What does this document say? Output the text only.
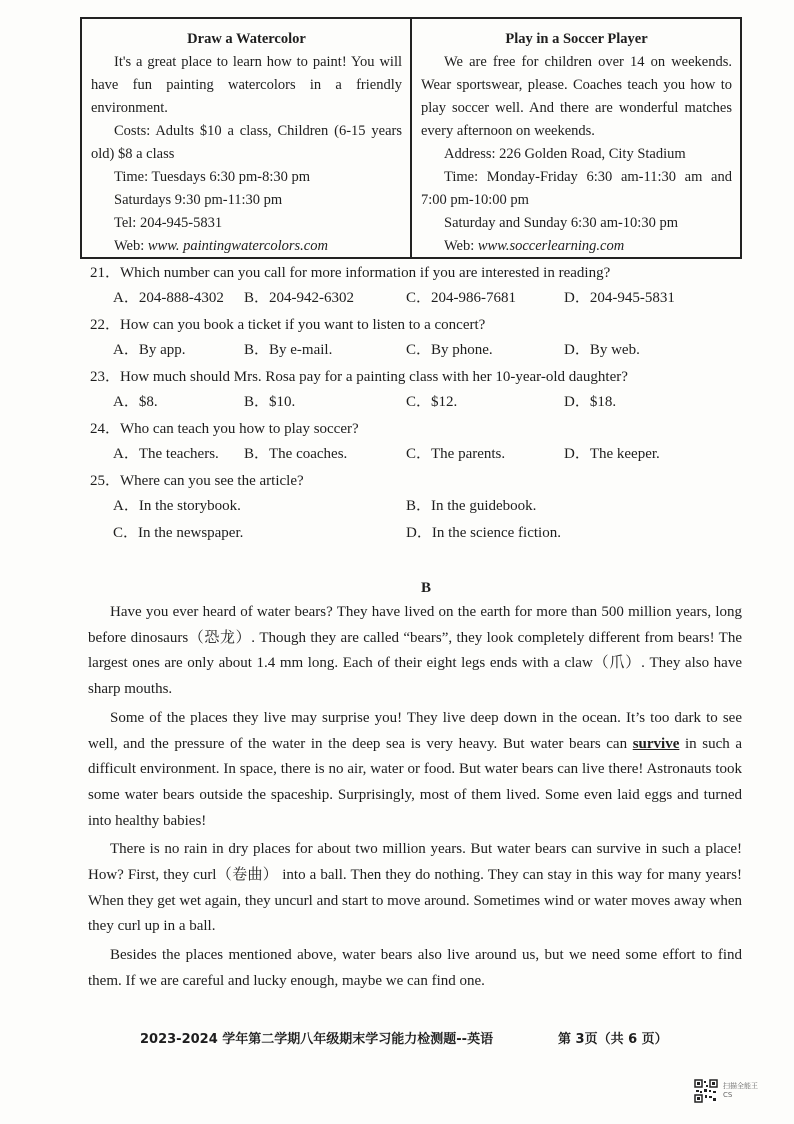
Draw a Watercolor

It's a great place to learn how to paint! You will have fun painting watercolors in a friendly environment.

Costs: Adults $10 a class, Children (6-15 years old) $8 a class

Time: Tuesdays 6:30 pm-8:30 pm

Saturdays 9:30 pm-11:30 pm

Tel: 204-945-5831

Web: www. paintingwatercolors.com

Play in a Soccer Player

We are free for children over 14 on weekends. Wear sportswear, please. Coaches teach you how to play soccer well. And there are wonderful matches every afternoon on weekends.

Address: 226 Golden Road, City Stadium

Time: Monday-Friday 6:30 am-11:30 am and 7:00 pm-10:00 pm

Saturday and Sunday 6:30 am-10:30 pm

Web: www.soccerlearning.com

21．Which number can you call for more information if you are interested in reading?
A．204-888-4302 B．204-942-6302	C．204-986-7681	D．204-945-5831
22．How can you book a ticket if you want to listen to a concert?
A．By app.	B．By e-mail.	C．By phone.	D．By web.
23．How much should Mrs. Rosa pay for a painting class with her 10-year-old daughter?
A．$8.	B．$10.	C．$12.	D．$18.
24．Who can teach you how to play soccer?
A．The teachers. B．The coaches.	C．The parents.	D．The keeper.
25．Where can you see the article?
A．In the storybook.	B．In the guidebook.
C．In the newspaper.	D．In the science fiction.
B

Have you ever heard of water bears? They have lived on the earth for more than 500 million years, long before dinosaurs（恐龙）. Though they are called “bears”, they look completely different from bears! The largest ones are only about 1.4 mm long. Each of their eight legs ends with a claw（爪）. They also have sharp mouths.

Some of the places they live may surprise you! They live deep down in the ocean. It’s too dark to see well, and the pressure of the water in the deep sea is very heavy. But water bears can survive in such a difficult environment. In space, there is no air, water or food. But water bears can live there! Astronauts took some water bears outside the spaceship. Surprisingly, most of them lived. Some even laid eggs and turned into healthy babies!

There is no rain in dry places for about two million years. But water bears can survive in such a place! How? First, they curl（卷曲） into a ball. Then they do nothing. They can stay in this way for many years! When they get wet again, they uncurl and start to move around. Sometimes wind or water moves away when they curl up in a ball.

Besides the places mentioned above, water bears also live around us, but we need some effort to find them. If we are careful and lucky enough, maybe we can find one.

2023-2024 学年第二学期八年级期末学习能力检测题--英语	第 3页（共 6 页）
扫描全能王
CS
